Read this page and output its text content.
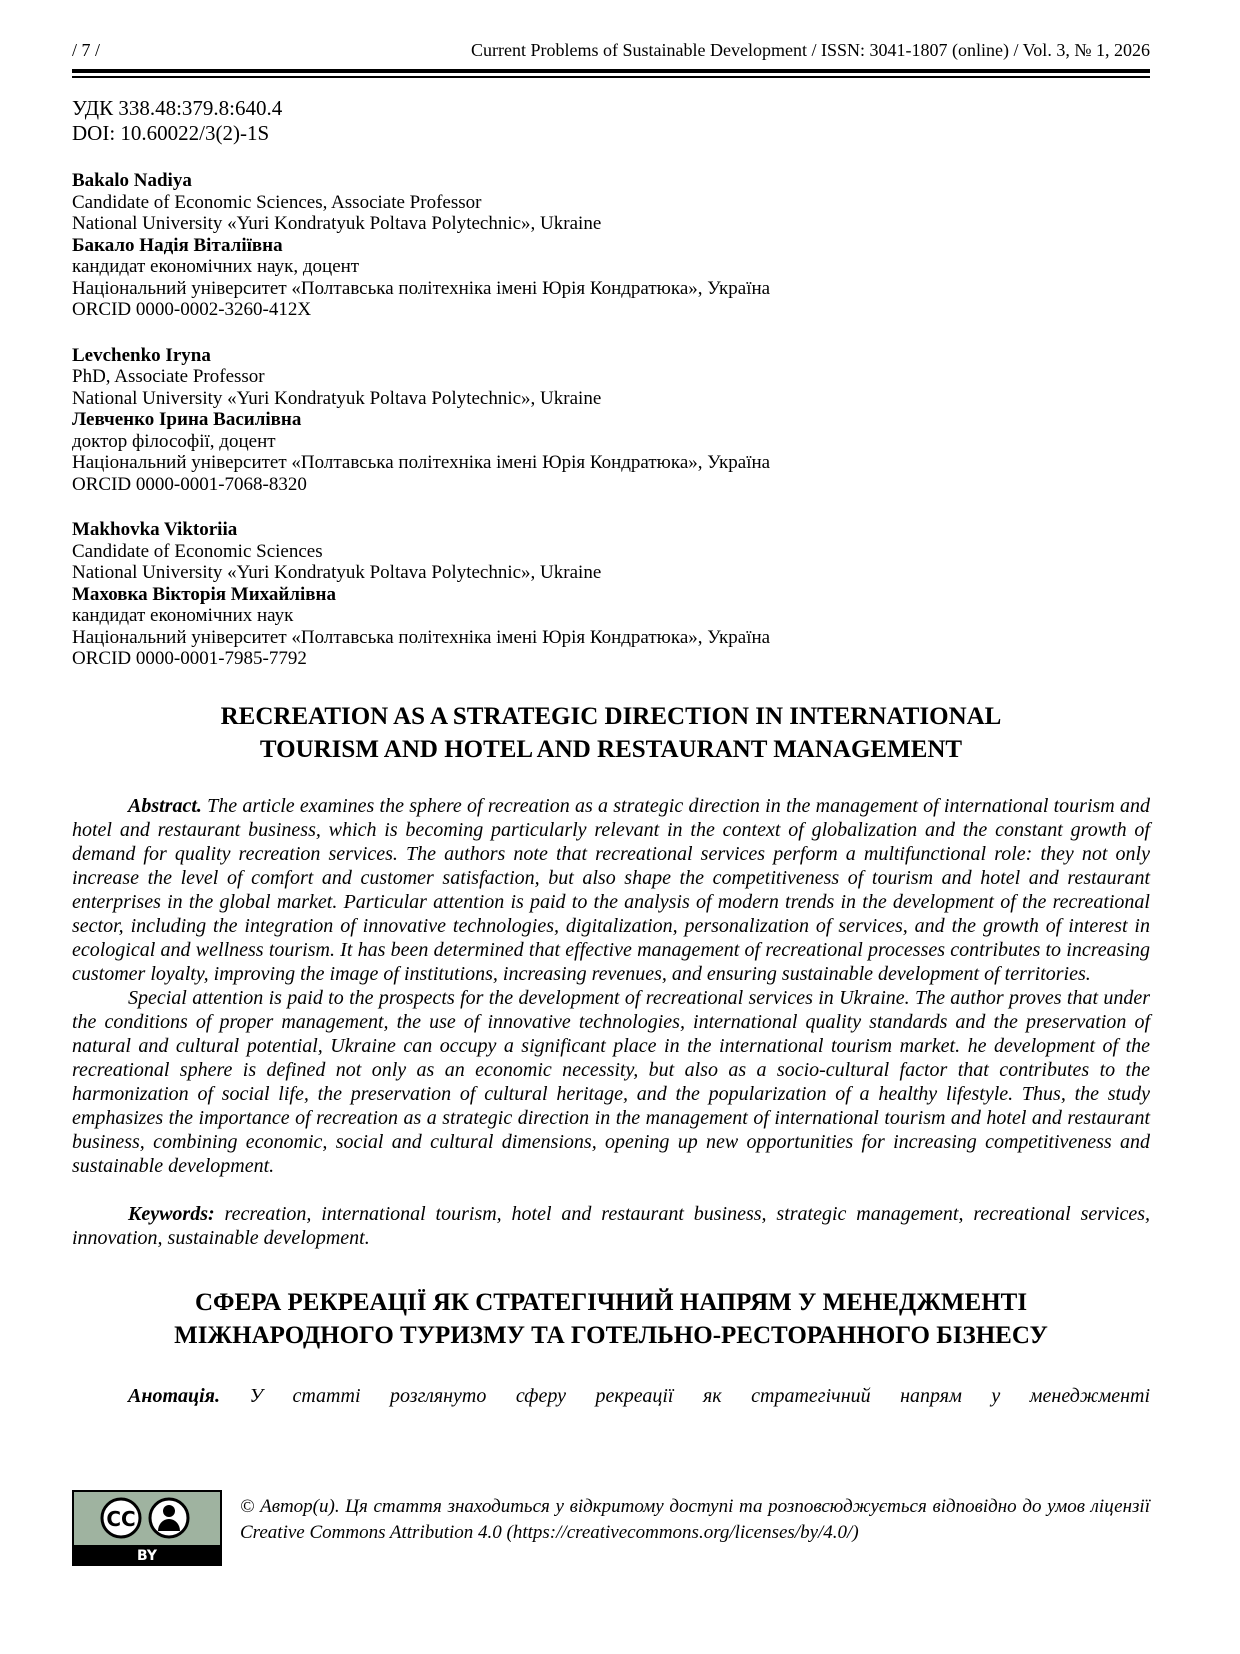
/ 7 /	Current Problems of Sustainable Development / ISSN: 3041-1807 (online) / Vol. 3, № 1, 2026
УДК 338.48:379.8:640.4
DOI: 10.60022/3(2)-1S
Bakalo Nadiya
Candidate of Economic Sciences, Associate Professor
National University «Yuri Kondratyuk Poltava Polytechnic», Ukraine
Бакало Надія Віталіївна
кандидат економічних наук, доцент
Національний університет «Полтавська політехніка імені Юрія Кондратюка», Україна
ORCID 0000-0002-3260-412X
Levchenko Iryna
PhD, Associate Professor
National University «Yuri Kondratyuk Poltava Polytechnic», Ukraine
Левченко Ірина Василівна
доктор філософії, доцент
Національний університет «Полтавська політехніка імені Юрія Кондратюка», Україна
ORCID 0000-0001-7068-8320
Makhovka Viktoriia
Candidate of Economic Sciences
National University «Yuri Kondratyuk Poltava Polytechnic», Ukraine
Маховка Вікторія Михайлівна
кандидат економічних наук
Національний університет «Полтавська політехніка імені Юрія Кондратюка», Україна
ORCID 0000-0001-7985-7792
RECREATION AS A STRATEGIC DIRECTION IN INTERNATIONAL TOURISM AND HOTEL AND RESTAURANT MANAGEMENT

Abstract. The article examines the sphere of recreation as a strategic direction in the management of international tourism and hotel and restaurant business, which is becoming particularly relevant in the context of globalization and the constant growth of demand for quality recreation services. The authors note that recreational services perform a multifunctional role: they not only increase the level of comfort and customer satisfaction, but also shape the competitiveness of tourism and hotel and restaurant enterprises in the global market. Particular attention is paid to the analysis of modern trends in the development of the recreational sector, including the integration of innovative technologies, digitalization, personalization of services, and the growth of interest in ecological and wellness tourism. It has been determined that effective management of recreational processes contributes to increasing customer loyalty, improving the image of institutions, increasing revenues, and ensuring sustainable development of territories.

Special attention is paid to the prospects for the development of recreational services in Ukraine. The author proves that under the conditions of proper management, the use of innovative technologies, international quality standards and the preservation of natural and cultural potential, Ukraine can occupy a significant place in the international tourism market. he development of the recreational sphere is defined not only as an economic necessity, but also as a socio-cultural factor that contributes to the harmonization of social life, the preservation of cultural heritage, and the popularization of a healthy lifestyle. Thus, the study emphasizes the importance of recreation as a strategic direction in the management of international tourism and hotel and restaurant business, combining economic, social and cultural dimensions, opening up new opportunities for increasing competitiveness and sustainable development.

Keywords: recreation, international tourism, hotel and restaurant business, strategic management, recreational services, innovation, sustainable development.

СФЕРА РЕКРЕАЦІЇ ЯК СТРАТЕГІЧНИЙ НАПРЯМ У МЕНЕДЖМЕНТІ МІЖНАРОДНОГО ТУРИЗМУ ТА ГОТЕЛЬНО-РЕСТОРАННОГО БІЗНЕСУ

Анотація. У статті розглянуто сферу рекреації як стратегічний напрям у менеджменті

CC
BY

© Автор(и). Ця стаття знаходиться у відкритому доступі та розповсюджується відповідно до умов ліцензії Creative Commons Attribution 4.0 (https://creativecommons.org/licenses/by/4.0/)
